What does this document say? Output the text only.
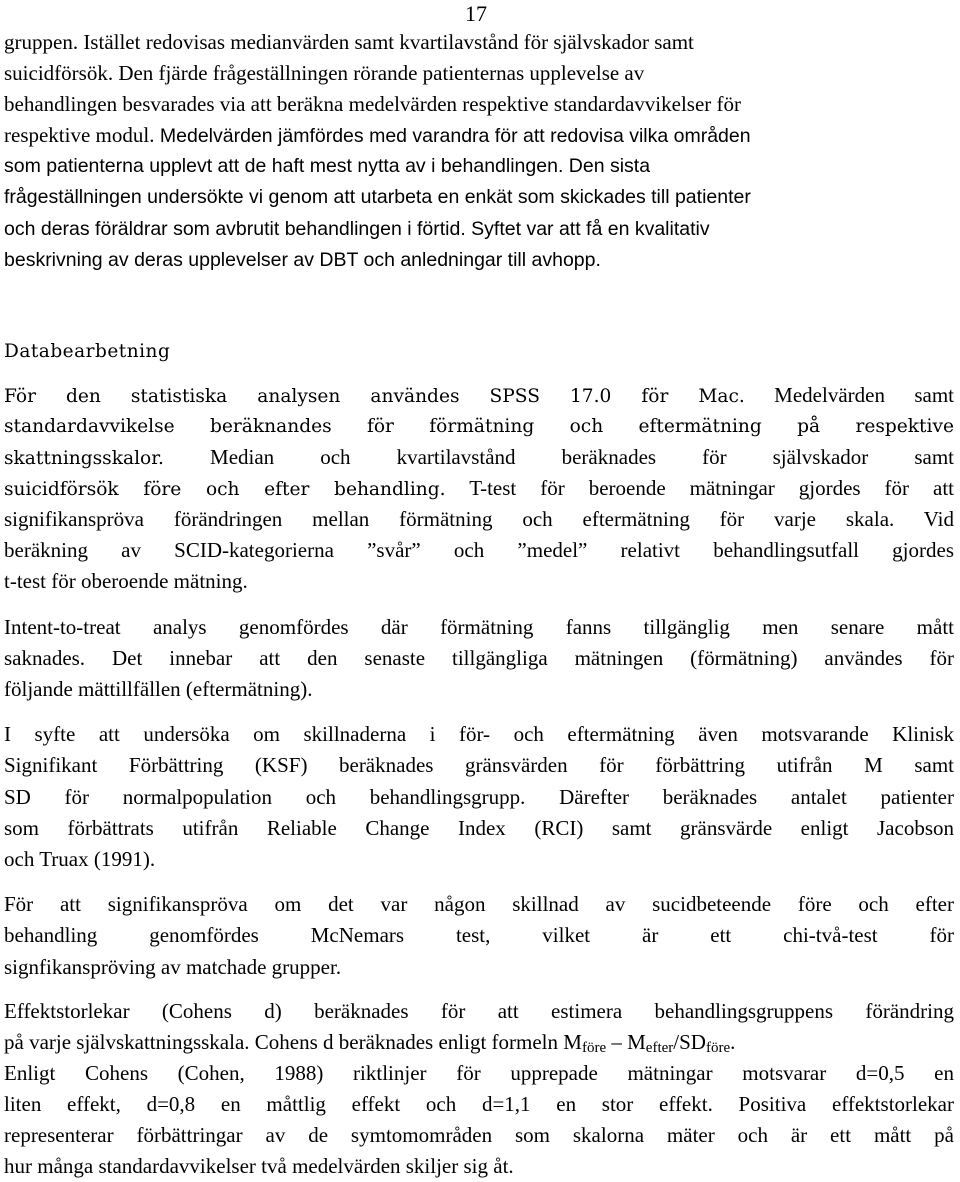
17

gruppen. Istället redovisas medianvärden samt kvartilavstånd för självskador samt

suicidförsök. Den fjärde frågeställningen rörande patienternas upplevelse av

behandlingen besvarades via att beräkna medelvärden respektive standardavvikelser för

respektive modul. Medelvärden jämfördes med varandra för att redovisa vilka områden

som patienterna upplevt att de haft mest nytta av i behandlingen. Den sista

frågeställningen undersökte vi genom att utarbeta en enkät som skickades till patienter

och deras föräldrar som avbrutit behandlingen i förtid. Syftet var att få en kvalitativ

beskrivning av deras upplevelser av DBT och anledningar till avhopp.

Databearbetning

För den statistiska analysen användes SPSS 17.0 för Mac. Medelvärden samt

standardavvikelse beräknandes för förmätning och eftermätning på respektive

skattningsskalor. Median och kvartilavstånd beräknades för självskador samt

suicidförsök före och efter behandling. T-test för beroende mätningar gjordes för att

signifikanspröva förändringen mellan förmätning och eftermätning för varje skala. Vid

beräkning av SCID-kategorierna ”svår” och ”medel” relativt behandlingsutfall gjordes

t-test för oberoende mätning.

Intent-to-treat analys genomfördes där förmätning fanns tillgänglig men senare mått

saknades. Det innebar att den senaste tillgängliga mätningen (förmätning) användes för

följande mättillfällen (eftermätning).

I syfte att undersöka om skillnaderna i för- och eftermätning även motsvarande Klinisk

Signifikant Förbättring (KSF) beräknades gränsvärden för förbättring utifrån M samt

SD för normalpopulation och behandlingsgrupp. Därefter beräknades antalet patienter

som förbättrats utifrån Reliable Change Index (RCI) samt gränsvärde enligt Jacobson

och Truax (1991).

För att signifikanspröva om det var någon skillnad av sucidbeteende före och efter

behandling genomfördes McNemars test, vilket är ett chi-två-test för

signfikanspröving av matchade grupper.

Effektstorlekar (Cohens d) beräknades för att estimera behandlingsgruppens förändring

på varje självskattningsskala. Cohens d beräknades enligt formeln $M_{före} - M_{efter}/SD_{före}$.

Enligt Cohens (Cohen, 1988) riktlinjer för upprepade mätningar motsvarar d=0,5 en

liten effekt, d=0,8 en måttlig effekt och d=1,1 en stor effekt. Positiva effektstorlekar

representerar förbättringar av de symtomområden som skalorna mäter och är ett mått på

hur många standardavvikelser två medelvärden skiljer sig åt.
